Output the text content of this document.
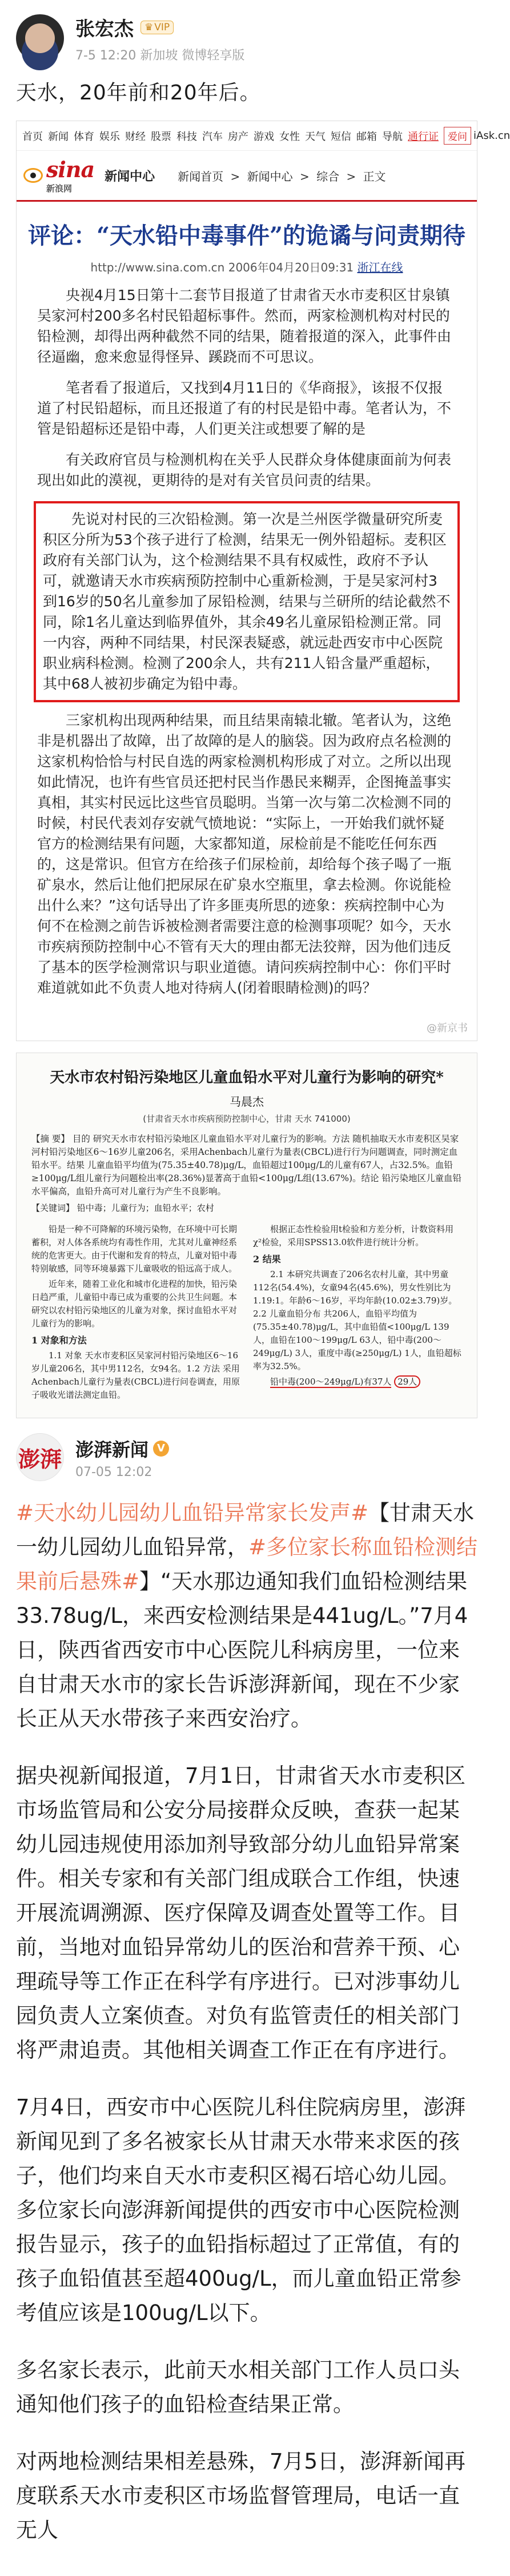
张宏杰 ♛ VIP
7-5 12:20 新加坡 微博轻享版
天水，20年前和20年后。
首页 新闻 体育 娱乐 财经 股票 科技 汽车 房产 游戏 女性 天气 短信 邮箱 导航 通行证 爱问 iAsk.cn
sina
新浪网
新闻中心 新闻首页 > 新闻中心 > 综合 > 正文
评论：“天水铅中毒事件”的诡谲与问责期待
http://www.sina.com.cn 2006年04月20日09:31 浙江在线

央视4月15日第十二套节目报道了甘肃省天水市麦积区甘泉镇吴家河村200多名村民铅超标事件。然而，两家检测机构对村民的铅检测，却得出两种截然不同的结果，随着报道的深入，此事件由径逼幽，愈来愈显得怪异、蹊跷而不可思议。

笔者看了报道后，又找到4月11日的《华商报》，该报不仅报道了村民铅超标，而且还报道了有的村民是铅中毒。笔者认为，不管是铅超标还是铅中毒，人们更关注或想要了解的是

有关政府官员与检测机构在关乎人民群众身体健康面前为何表现出如此的漠视，更期待的是对有关官员问责的结果。

先说对村民的三次铅检测。第一次是兰州医学微量研究所麦积区分所为53个孩子进行了检测，结果无一例外铅超标。麦积区政府有关部门认为，这个检测结果不具有权威性，政府不予认可，就邀请天水市疾病预防控制中心重新检测，于是吴家河村3到16岁的50名儿童参加了尿铅检测，结果与兰研所的结论截然不同，除1名儿童达到临界值外，其余49名儿童尿铅检测正常。同一内容，两种不同结果，村民深表疑惑，就远赴西安市中心医院职业病科检测。检测了200余人，共有211人铅含量严重超标，其中68人被初步确定为铅中毒。

三家机构出现两种结果，而且结果南辕北辙。笔者认为，这绝非是机器出了故障，出了故障的是人的脑袋。因为政府点名检测的这家机构恰恰与村民自选的两家检测机构形成了对立。之所以出现如此情况，也许有些官员还把村民当作愚民来糊弄，企图掩盖事实真相，其实村民远比这些官员聪明。当第一次与第二次检测不同的时候，村民代表刘存安就气愤地说：“实际上，一开始我们就怀疑官方的检测结果有问题，大家都知道，尿检前是不能吃任何东西的，这是常识。但官方在给孩子们尿检前，却给每个孩子喝了一瓶矿泉水，然后让他们把尿尿在矿泉水空瓶里，拿去检测。你说能检出什么来？”这句话导出了许多匪夷所思的迹象：疾病控制中心为何不在检测之前告诉被检测者需要注意的检测事项呢？如今，天水市疾病预防控制中心不管有天大的理由都无法狡辩，因为他们违反了基本的医学检测常识与职业道德。请问疾病控制中心：你们平时难道就如此不负责人地对待病人(闭着眼睛检测)的吗？

@新京书
天水市农村铅污染地区儿童血铅水平对儿童行为影响的研究*
马晨杰
(甘肃省天水市疾病预防控制中心，甘肃 天水 741000)
【摘 要】 目的 研究天水市农村铅污染地区儿童血铅水平对儿童行为的影响。方法 随机抽取天水市麦积区吴家河村铅污染地区6～16岁儿童206名，采用Achenbach儿童行为量表(CBCL)进行行为问题调查，同时测定血铅水平。结果 儿童血铅平均值为(75.35±40.78)μg/L，血铅超过100μg/L的儿童有67人，占32.5%。血铅≥100μg/L组儿童行为问题检出率(28.36%)显著高于血铅<100μg/L组(13.67%)。结论 铅污染地区儿童血铅水平偏高，血铅升高可对儿童行为产生不良影响。
【关键词】 铅中毒；儿童行为；血铅水平；农村

铅是一种不可降解的环境污染物，在环境中可长期蓄积，对人体各系统均有毒性作用，尤其对儿童神经系统的危害更大。由于代谢和发育的特点，儿童对铅中毒特别敏感，同等环境暴露下儿童吸收的铅远高于成人。

近年来，随着工业化和城市化进程的加快，铅污染日趋严重，儿童铅中毒已成为重要的公共卫生问题。本研究以农村铅污染地区的儿童为对象，探讨血铅水平对儿童行为的影响。

1 对象和方法

1.1 对象 天水市麦积区吴家河村铅污染地区6～16岁儿童206名，其中男112名，女94名。1.2 方法 采用Achenbach儿童行为量表(CBCL)进行问卷调查，用原子吸收光谱法测定血铅。

根据正态性检验用t检验和方差分析，计数资料用χ²检验，采用SPSS13.0软件进行统计分析。

2 结果

2.1 本研究共调查了206名农村儿童，其中男童112名(54.4%)，女童94名(45.6%)，男女性别比为1.19:1。年龄6～16岁，平均年龄(10.02±3.79)岁。2.2 儿童血铅分布 共206人，血铅平均值为(75.35±40.78)μg/L，其中血铅值<100μg/L 139人，血铅在100～199μg/L 63人，铅中毒(200～249μg/L) 3人，重度中毒(≥250μg/L) 1人，血铅超标率为32.5%。

铅中毒(200～249μg/L)有37人 29人

澎湃 澎湃新闻 V
07-05 12:02

#天水幼儿园幼儿血铅异常家长发声#【甘肃天水一幼儿园幼儿血铅异常，#多位家长称血铅检测结果前后悬殊#】“天水那边通知我们血铅检测结果33.78ug/L，来西安检测结果是441ug/L。”7月4日，陕西省西安市中心医院儿科病房里，一位来自甘肃天水市的家长告诉澎湃新闻，现在不少家长正从天水带孩子来西安治疗。

据央视新闻报道，7月1日，甘肃省天水市麦积区市场监管局和公安分局接群众反映，查获一起某幼儿园违规使用添加剂导致部分幼儿血铅异常案件。相关专家和有关部门组成联合工作组，快速开展流调溯源、医疗保障及调查处置等工作。目前，当地对血铅异常幼儿的医治和营养干预、心理疏导等工作正在科学有序进行。已对涉事幼儿园负责人立案侦查。对负有监管责任的相关部门将严肃追责。其他相关调查工作正在有序进行。

7月4日，西安市中心医院儿科住院病房里，澎湃新闻见到了多名被家长从甘肃天水带来求医的孩子，他们均来自天水市麦积区褐石培心幼儿园。多位家长向澎湃新闻提供的西安市中心医院检测报告显示，孩子的血铅指标超过了正常值，有的孩子血铅值甚至超400ug/L，而儿童血铅正常参考值应该是100ug/L以下。

多名家长表示，此前天水相关部门工作人员口头通知他们孩子的血铅检查结果正常。

对两地检测结果相差悬殊，7月5日，澎湃新闻再度联系天水市麦积区市场监督管理局，电话一直无人
